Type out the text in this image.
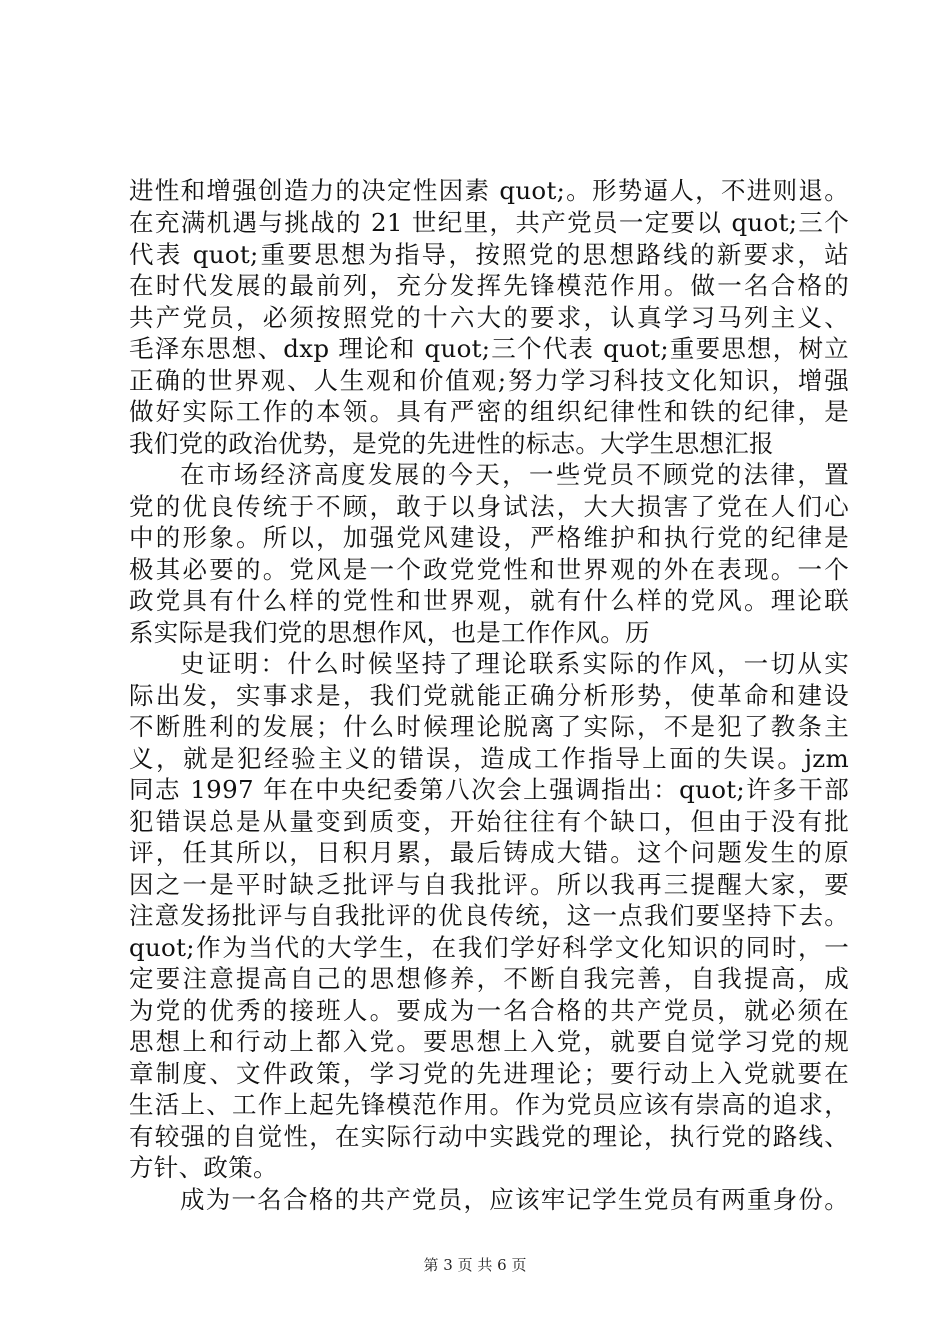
进性和增强创造力的决定性因素 quot;。形势逼人，不进则退。
在充满机遇与挑战的 21 世纪里，共产党员一定要以 quot;三个
代表 quot;重要思想为指导，按照党的思想路线的新要求，站
在时代发展的最前列，充分发挥先锋模范作用。做一名合格的
共产党员，必须按照党的十六大的要求，认真学习马列主义、
毛泽东思想、dxp 理论和 quot;三个代表 quot;重要思想，树立
正确的世界观、人生观和价值观;努力学习科技文化知识，增强
做好实际工作的本领。具有严密的组织纪律性和铁的纪律，是
我们党的政治优势，是党的先进性的标志。大学生思想汇报
在市场经济高度发展的今天，一些党员不顾党的法律，置
党的优良传统于不顾，敢于以身试法，大大损害了党在人们心
中的形象。所以，加强党风建设，严格维护和执行党的纪律是
极其必要的。党风是一个政党党性和世界观的外在表现。一个
政党具有什么样的党性和世界观，就有什么样的党风。理论联
系实际是我们党的思想作风，也是工作作风。历
史证明：什么时候坚持了理论联系实际的作风，一切从实
际出发，实事求是，我们党就能正确分析形势，使革命和建设
不断胜利的发展；什么时候理论脱离了实际，不是犯了教条主
义，就是犯经验主义的错误，造成工作指导上面的失误。jzm
同志 1997 年在中央纪委第八次会上强调指出：quot;许多干部
犯错误总是从量变到质变，开始往往有个缺口，但由于没有批
评，任其所以，日积月累，最后铸成大错。这个问题发生的原
因之一是平时缺乏批评与自我批评。所以我再三提醒大家，要
注意发扬批评与自我批评的优良传统，这一点我们要坚持下去。
quot;作为当代的大学生，在我们学好科学文化知识的同时，一
定要注意提高自己的思想修养，不断自我完善，自我提高，成
为党的优秀的接班人。要成为一名合格的共产党员，就必须在
思想上和行动上都入党。要思想上入党，就要自觉学习党的规
章制度、文件政策，学习党的先进理论；要行动上入党就要在
生活上、工作上起先锋模范作用。作为党员应该有崇高的追求，
有较强的自觉性，在实际行动中实践党的理论，执行党的路线、
方针、政策。
成为一名合格的共产党员，应该牢记学生党员有两重身份。
第 3 页 共 6 页
